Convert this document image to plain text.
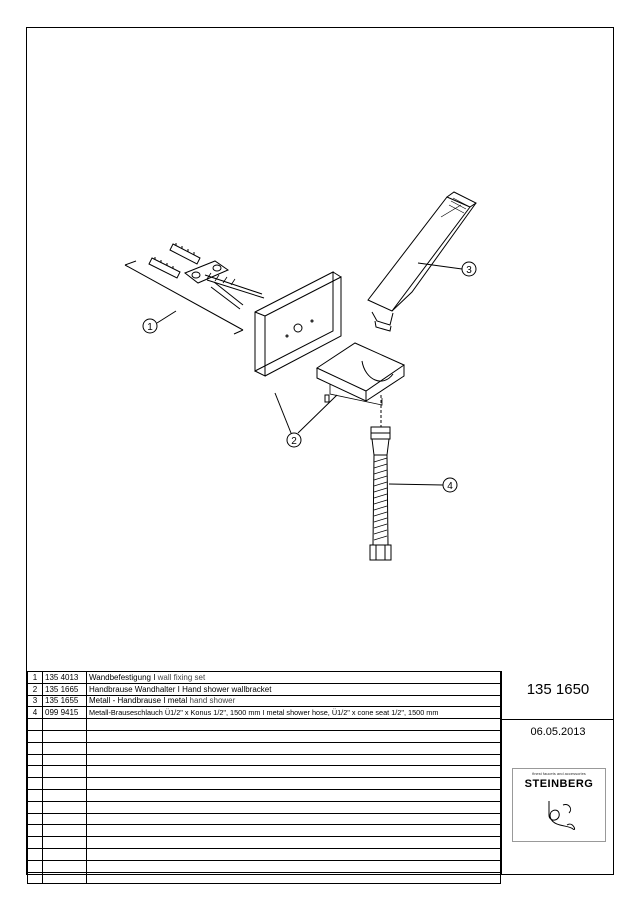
1
2
3
4
1	135 4013	Wandbefestigung I wall fixing set
2	135 1665	Handbrause Wandhalter I Hand shower wallbracket
3	135 1655	Metall - Handbrause I metal hand shower
4	099 9415	Metall-Brauseschlauch Ü1/2" x Konus 1/2", 1500 mm I metal shower hose, Ü1/2" x cone seat 1/2", 1500 mm

135 1650
06.05.2013
finest faucets and accessories
STEINBERG
